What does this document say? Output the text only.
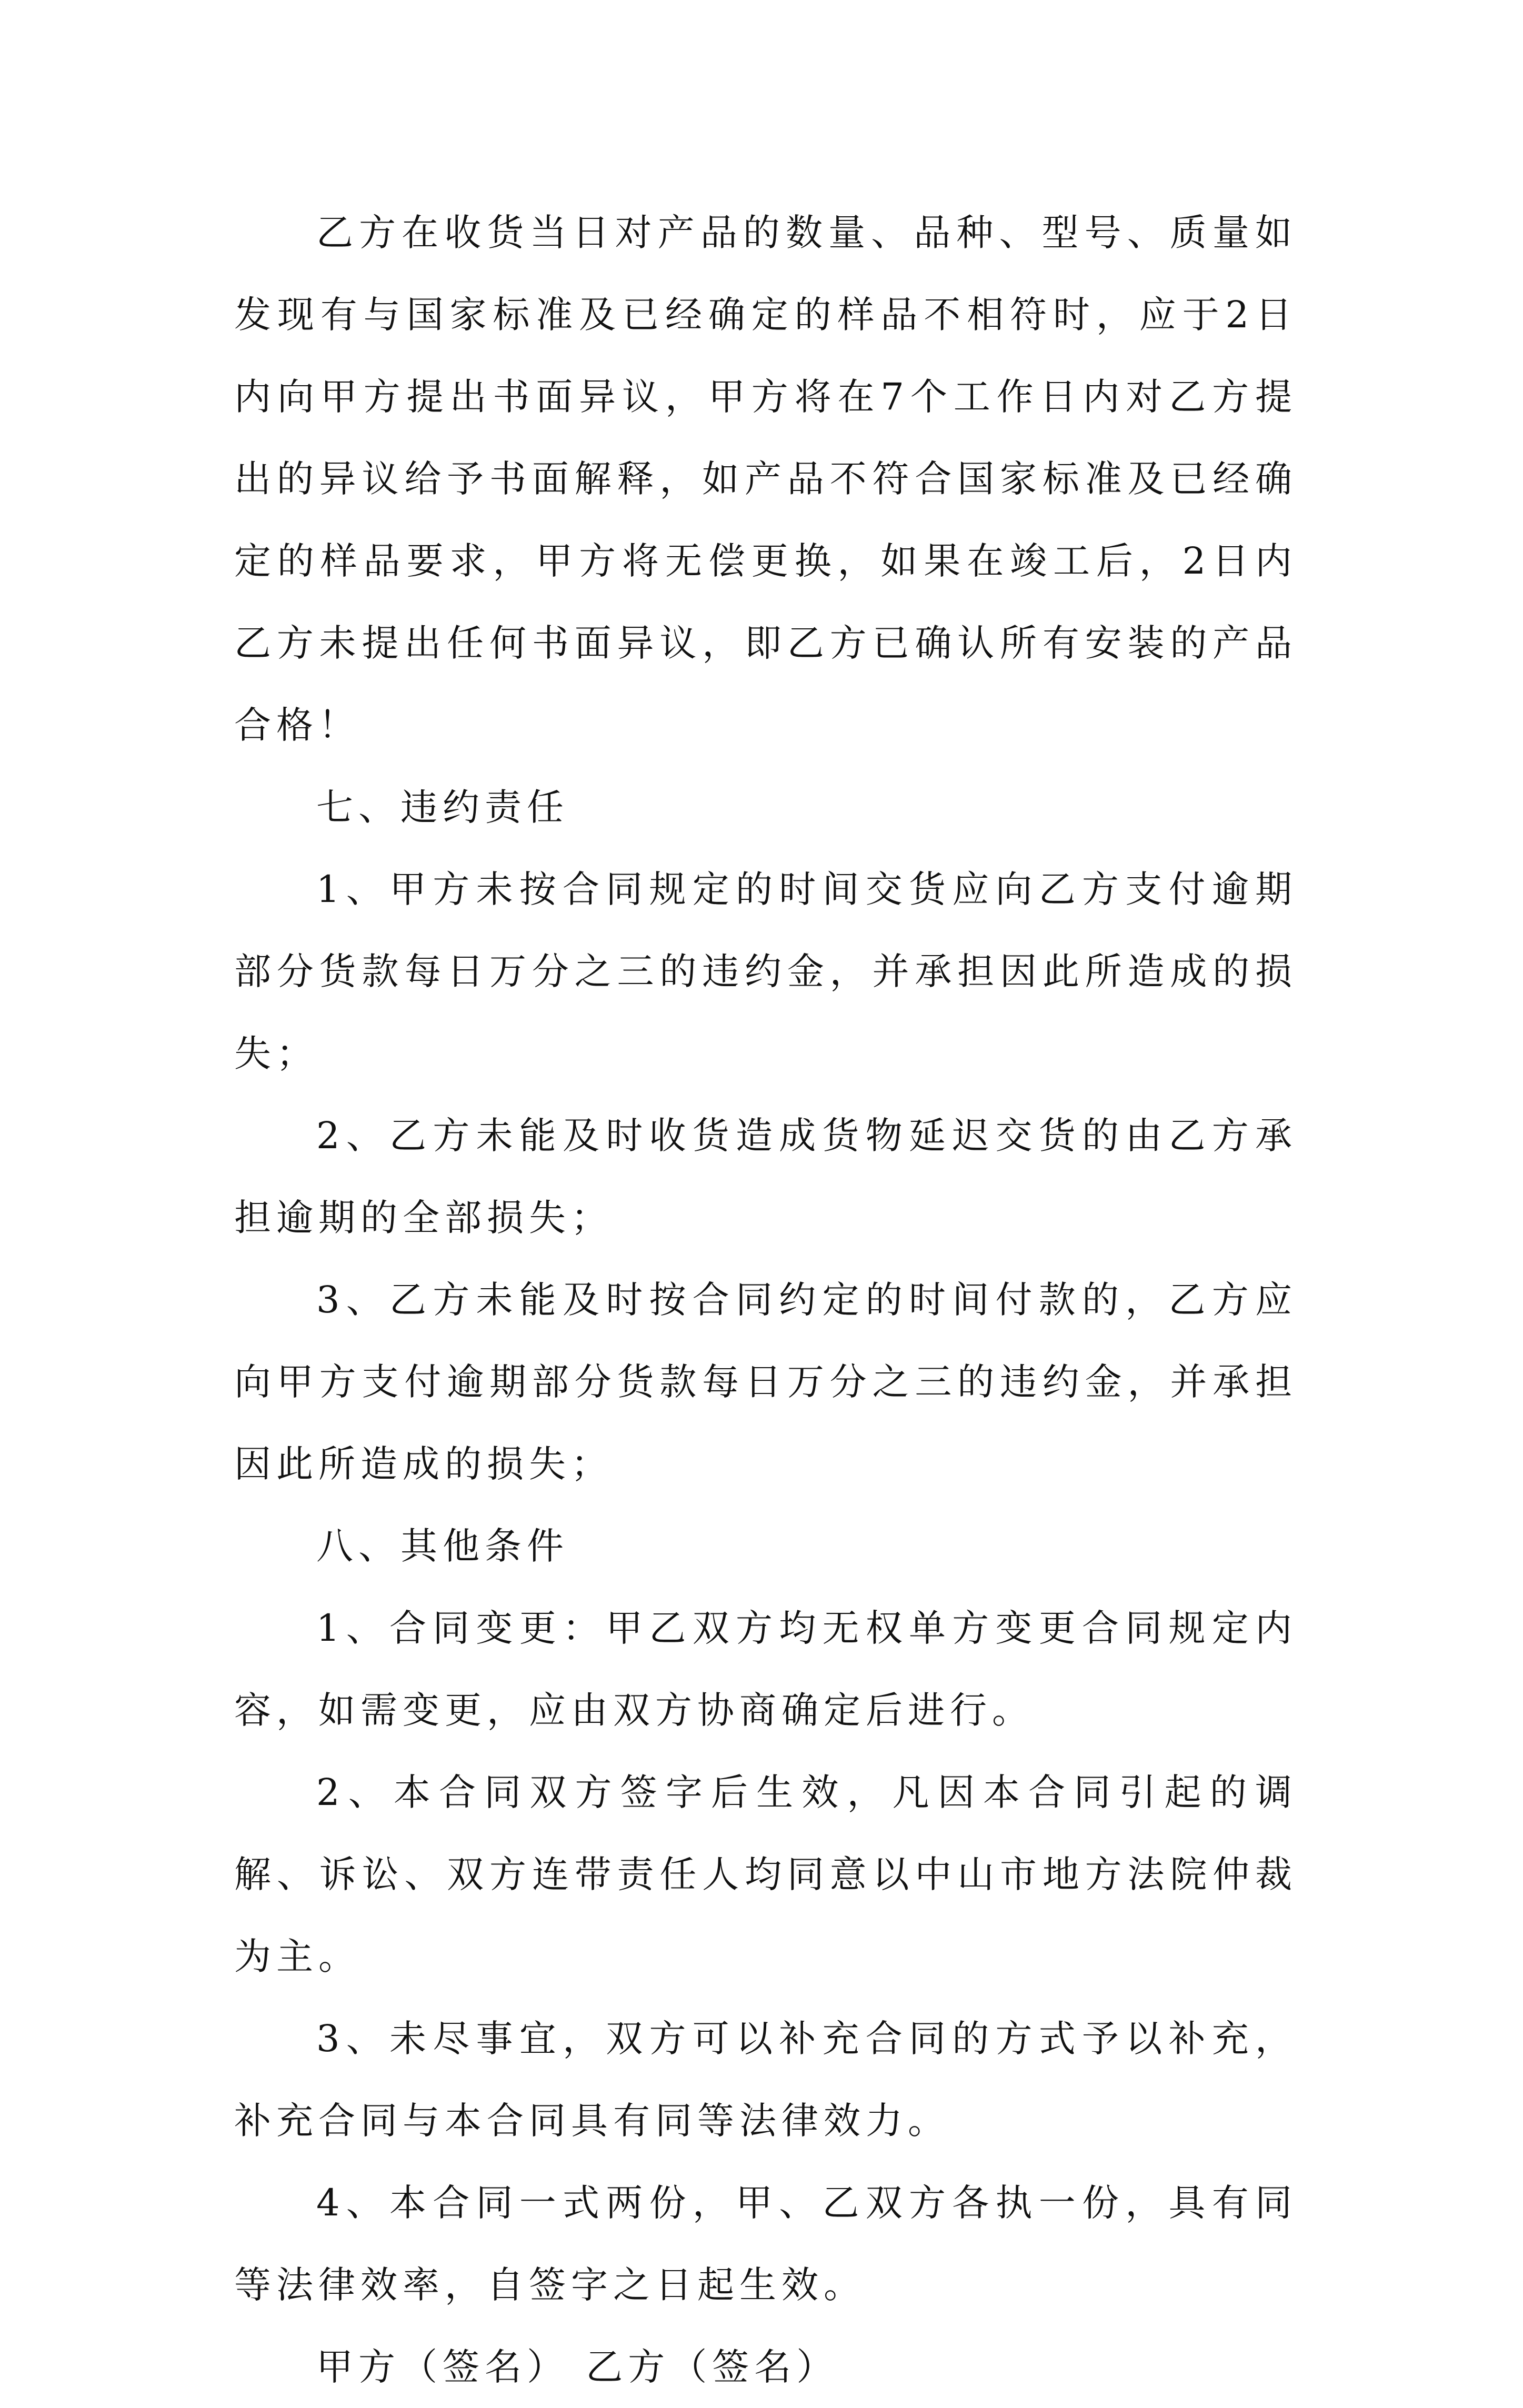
乙方在收货当日对产品的数量、品种、型号、质量如发现有与国家标准及已经确定的样品不相符时，应于2日内向甲方提出书面异议，甲方将在7个工作日内对乙方提出的异议给予书面解释，如产品不符合国家标准及已经确定的样品要求，甲方将无偿更换，如果在竣工后，2日内乙方未提出任何书面异议，即乙方已确认所有安装的产品合格！

七、违约责任

1、甲方未按合同规定的时间交货应向乙方支付逾期部分货款每日万分之三的违约金，并承担因此所造成的损失；

2、乙方未能及时收货造成货物延迟交货的由乙方承担逾期的全部损失；

3、乙方未能及时按合同约定的时间付款的，乙方应向甲方支付逾期部分货款每日万分之三的违约金，并承担因此所造成的损失；

八、其他条件

1、合同变更：甲乙双方均无权单方变更合同规定内容，如需变更，应由双方协商确定后进行。

2、本合同双方签字后生效，凡因本合同引起的调解、诉讼、双方连带责任人均同意以中山市地方法院仲裁为主。

3、未尽事宜，双方可以补充合同的方式予以补充，补充合同与本合同具有同等法律效力。

4、本合同一式两份，甲、乙双方各执一份，具有同等法律效率，自签字之日起生效。

甲方（签名） 乙方（签名）
